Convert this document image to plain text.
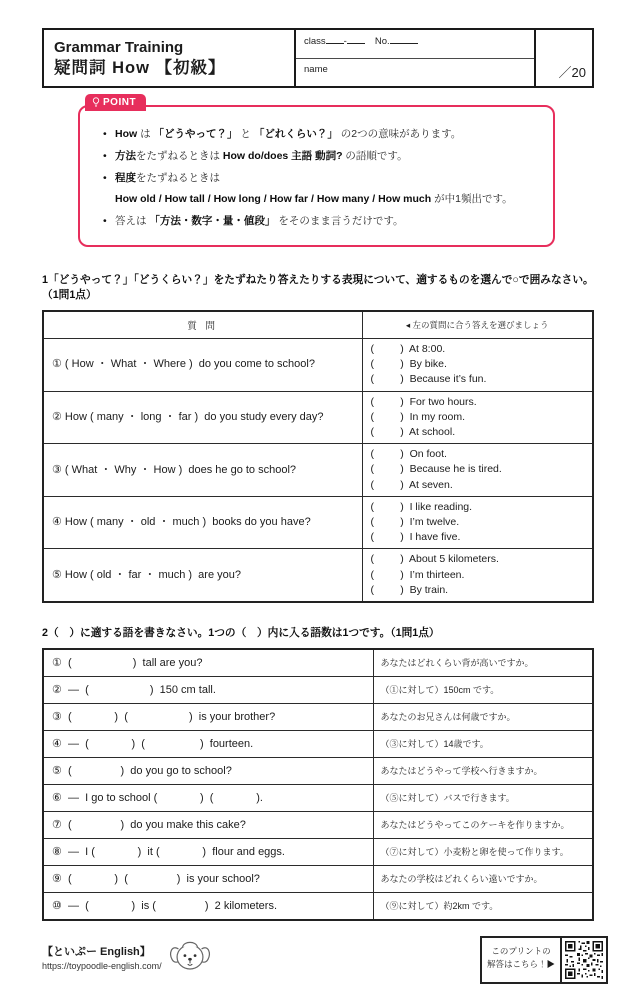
Grammar Training
疑問詞 How 【初級】
class -	No.
name	／20
POINT
• How は 「どうやって？」 と 「どれくらい？」 の2つの意味があります。
• 方法をたずねるときは How do/does 主語 動詞? の語順です。
• 程度をたずねるときは
How old / How tall / How long / How far / How many / How much が中1頻出です。
• 答えは 「方法・数字・量・値段」 をそのまま言うだけです。
1「どうやって？」「どうくらい？」をたずねたり答えたりする表現について、適するものを選んで○で囲みなさい。（1問1点）
質 問	◂ 左の質問に合う答えを選びましょう
① ( How ・ What ・ Where )  do you come to school?	(         )  At 8:00.
(         )  By bike.
(         )  Because it’s fun.

② How ( many ・ long ・ far )  do you study every day?	(         )  For two hours.
(         )  In my room.
(         )  At school.

③ ( What ・ Why ・ How )  does he go to school?	(         )  On foot.
(         )  Because he is tired.
(         )  At seven.

④ How ( many ・ old ・ much )  books do you have?	(         )  I like reading.
(         )  I’m twelve.
(         )  I have five.

⑤ How ( old ・ far ・ much )  are you?	(         )  About 5 kilometers.
(         )  I’m thirteen.
(         )  By train.
2（　）に適する語を書きなさい。1つの（　）内に入る語数は1つです。（1問1点）
①  (                    )  tall are you?	あなたはどれくらい背が高いですか。
②  —  (                    )  150 cm tall.	（①に対して）150cm です。
③  (              )  (                    )  is your brother?	あなたのお兄さんは何歳ですか。
④  —  (              )  (                  )  fourteen.	（③に対して）14歳です。
⑤  (                )  do you go to school?	あなたはどうやって学校へ行きますか。
⑥  —  I go to school (              )  (              ).	（⑤に対して）バスで行きます。
⑦  (                )  do you make this cake?	あなたはどうやってこのケーキを作りますか。
⑧  —  I (              )  it (              )  flour and eggs.	（⑦に対して）小麦粉と卵を使って作ります。
⑨  (              )  (                )  is your school?	あなたの学校はどれくらい遠いですか。
⑩  —  (              )  is (                )  2 kilometers.	（⑨に対して）約2km です。
【といぷー English】
https://toypoodle-english.com/
このプリントの
解答はこちら！▶
